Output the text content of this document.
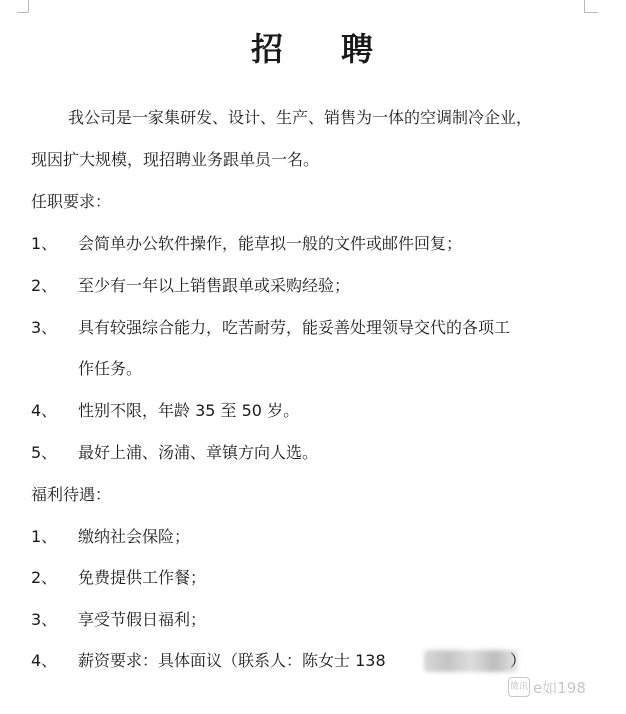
招 聘
我公司是一家集研发、设计、生产、销售为一体的空调制冷企业，
现因扩大规模，现招聘业务跟单员一名。
任职要求：
1、 会简单办公软件操作，能草拟一般的文件或邮件回复；
2、 至少有一年以上销售跟单或采购经验；
3、 具有较强综合能力，吃苦耐劳，能妥善处理领导交代的各项工
作任务。
4、 性别不限，年龄 35 至 50 岁。
5、 最好上浦、汤浦、章镇方向人选。
福利待遇：
1、 缴纳社会保险；
2、 免费提供工作餐；
3、 享受节假日福利；
4、 薪资要求：具体面议（联系人：陈女士 138	）
微讯 e如198
